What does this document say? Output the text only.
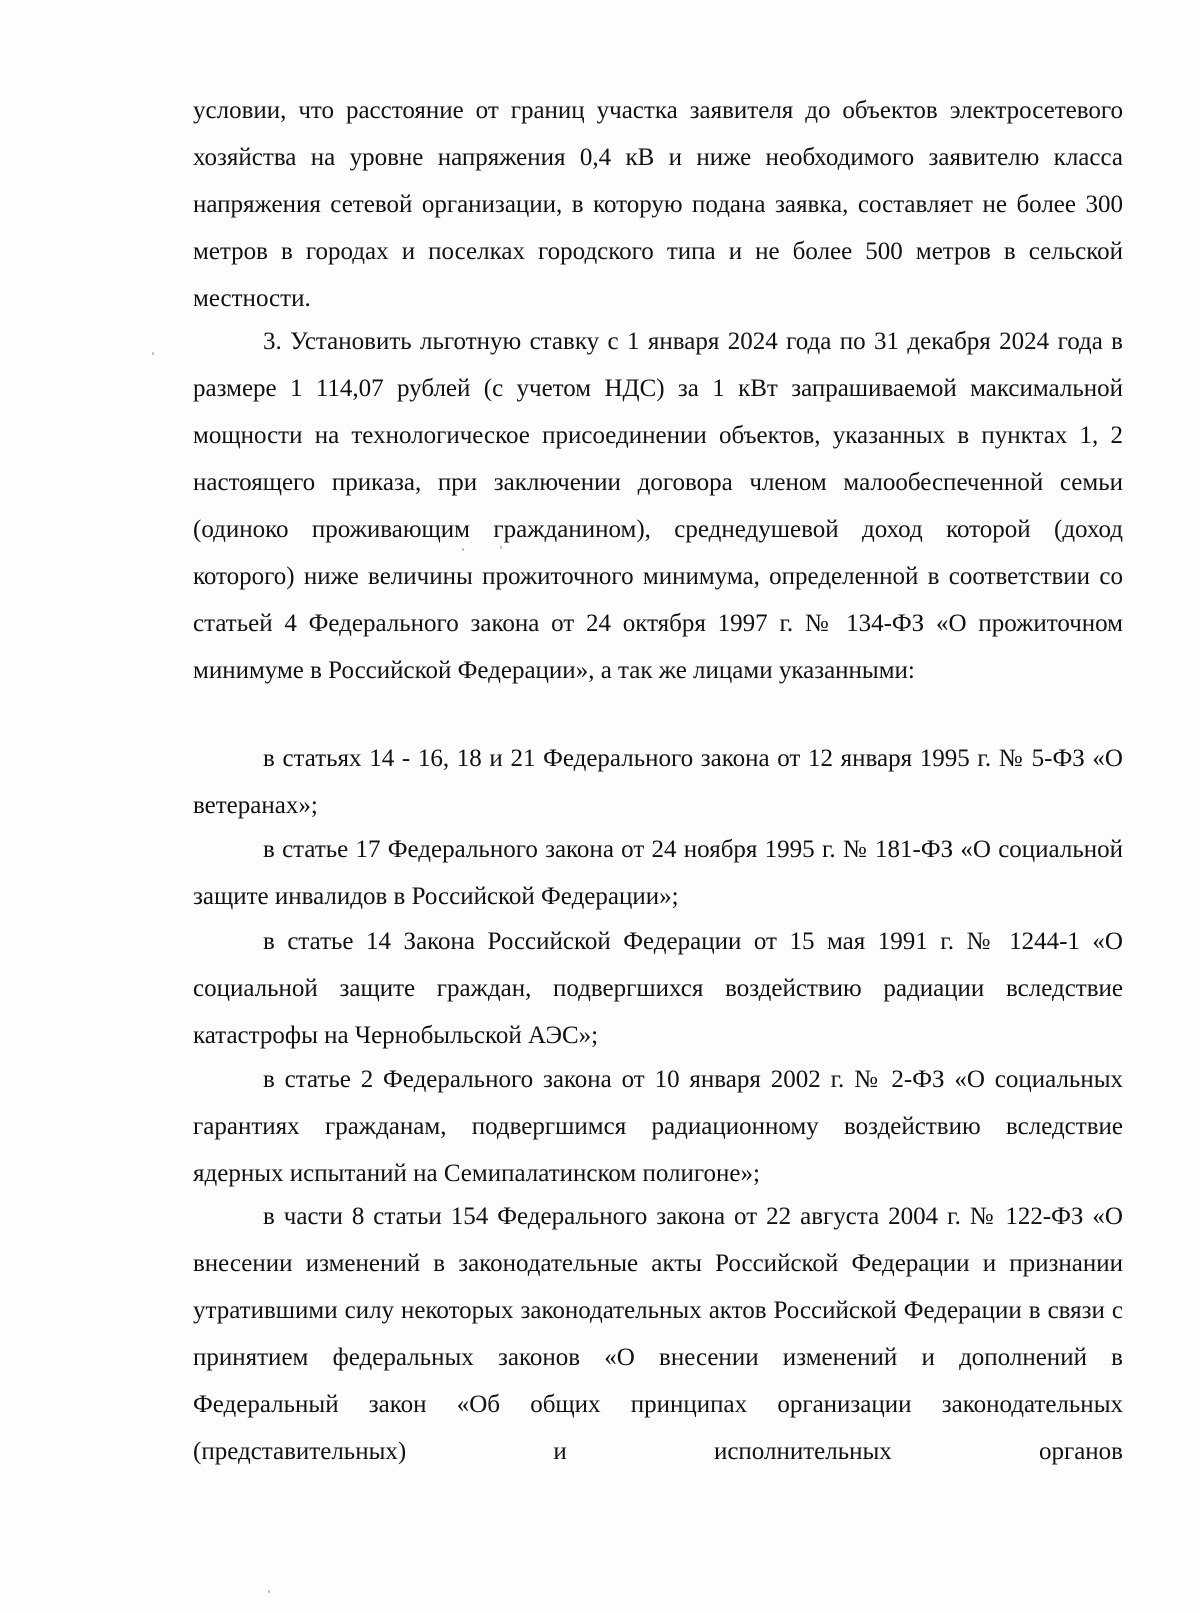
условии, что расстояние от границ участка заявителя до объектов электросетевого хозяйства на уровне напряжения 0,4 кВ и ниже необходимого заявителю класса напряжения сетевой организации, в которую подана заявка, составляет не более 300 метров в городах и поселках городского типа и не более 500 метров в сельской местности.

3. Установить льготную ставку с 1 января 2024 года по 31 декабря 2024 года в размере 1 114,07 рублей (с учетом НДС) за 1 кВт запрашиваемой максимальной мощности на технологическое присоединении объектов, указанных в пунктах 1, 2 настоящего приказа, при заключении договора членом малообеспеченной семьи (одиноко проживающим гражданином), среднедушевой доход которой (доход которого) ниже величины прожиточного минимума, определенной в соответствии со статьей 4 Федерального закона от 24 октября 1997 г. № 134-ФЗ «О прожиточном минимуме в Российской Федерации», а так же лицами указанными:

в статьях 14 - 16, 18 и 21 Федерального закона от 12 января 1995 г. № 5-ФЗ «О ветеранах»;

в статье 17 Федерального закона от 24 ноября 1995 г. № 181-ФЗ «О социальной защите инвалидов в Российской Федерации»;

в статье 14 Закона Российской Федерации от 15 мая 1991 г. № 1244-1 «О социальной защите граждан, подвергшихся воздействию радиации вследствие катастрофы на Чернобыльской АЭС»;

в статье 2 Федерального закона от 10 января 2002 г. № 2-ФЗ «О социальных гарантиях гражданам, подвергшимся радиационному воздействию вследствие ядерных испытаний на Семипалатинском полигоне»;

в части 8 статьи 154 Федерального закона от 22 августа 2004 г. № 122-ФЗ «О внесении изменений в законодательные акты Российской Федерации и признании утратившими силу некоторых законодательных актов Российской Федерации в связи с принятием федеральных законов «О внесении изменений и дополнений в Федеральный закон «Об общих принципах организации законодательных (представительных) и исполнительных органов
